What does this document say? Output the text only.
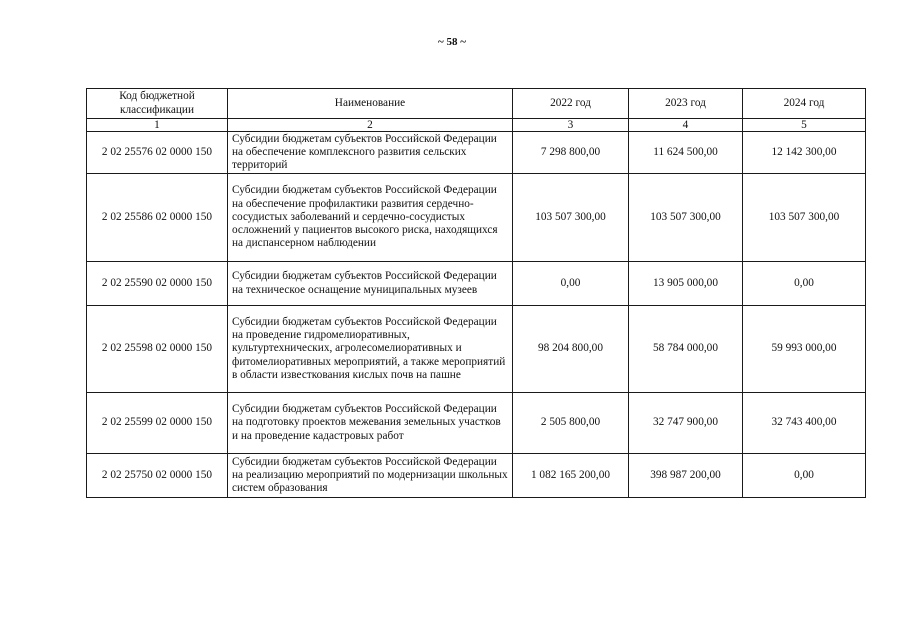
~ 58 ~
Код бюджетной классификации	Наименование	2022 год	2023 год	2024 год
1	2	3	4	5
2 02 25576 02 0000 150	Субсидии бюджетам субъектов Российской Федерации на обеспечение комплексного развития сельских территорий	7 298 800,00	11 624 500,00	12 142 300,00
2 02 25586 02 0000 150	Субсидии бюджетам субъектов Российской Федерации на обеспечение профилактики развития сердечно-сосудистых заболеваний и сердечно-сосудистых осложнений у пациентов высокого риска, находящихся на диспансерном наблюдении	103 507 300,00	103 507 300,00	103 507 300,00
2 02 25590 02 0000 150	Субсидии бюджетам субъектов Российской Федерации на техническое оснащение муниципальных музеев	0,00	13 905 000,00	0,00
2 02 25598 02 0000 150	Субсидии бюджетам субъектов Российской Федерации на проведение гидромелиоративных, культуртехнических, агролесомелиоративных и фитомелиоративных мероприятий, а также мероприятий в области известкования кислых почв на пашне	98 204 800,00	58 784 000,00	59 993 000,00
2 02 25599 02 0000 150	Субсидии бюджетам субъектов Российской Федерации на подготовку проектов межевания земельных участков и на проведение кадастровых работ	2 505 800,00	32 747 900,00	32 743 400,00
2 02 25750 02 0000 150	Субсидии бюджетам субъектов Российской Федерации на реализацию мероприятий по модернизации школьных систем образования	1 082 165 200,00	398 987 200,00	0,00
